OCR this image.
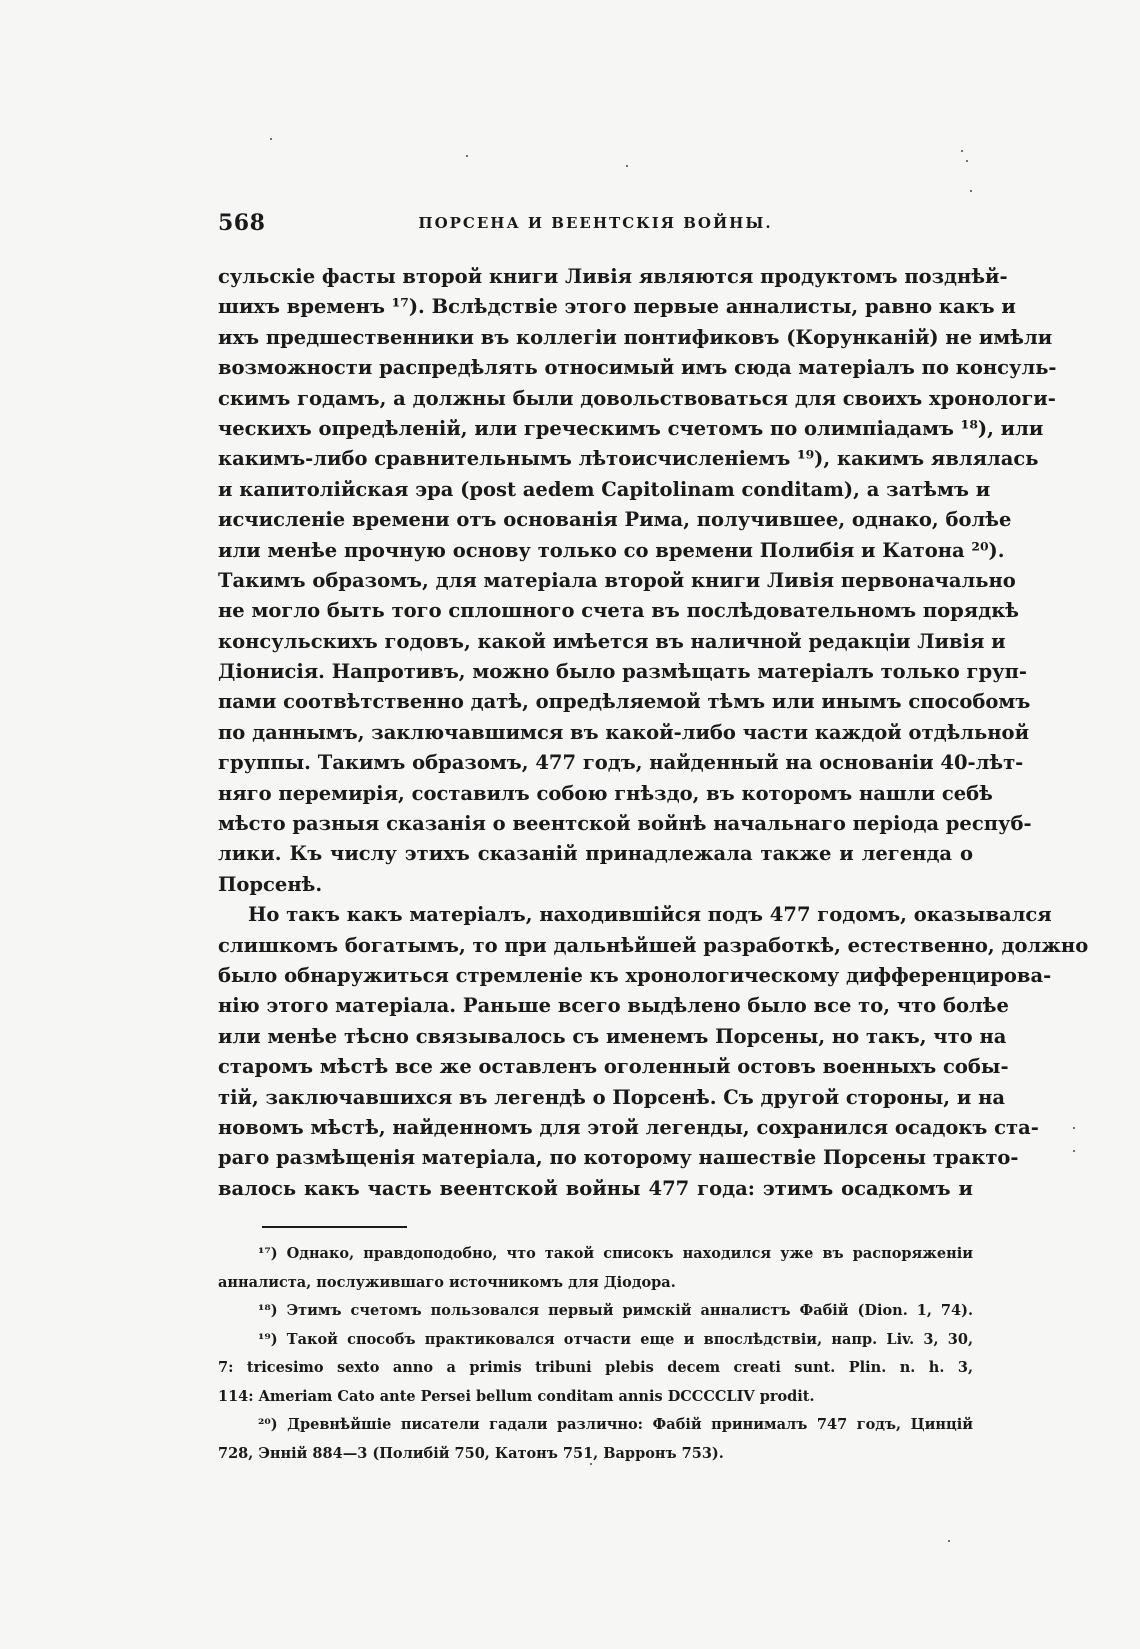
568	ПОРСЕНА И ВЕЕНТСКІЯ ВОЙНЫ.
сульскіе фасты второй книги Ливія являются продуктомъ позднѣй-
шихъ временъ ¹⁷). Вслѣдствіе этого первые анналисты, равно какъ и
ихъ предшественники въ коллегіи понтификовъ (Корунканій) не имѣли
возможности распредѣлять относимый имъ сюда матеріалъ по консуль-
скимъ годамъ, а должны были довольствоваться для своихъ хронологи-
ческихъ опредѣленій, или греческимъ счетомъ по олимпіадамъ ¹⁸), или
какимъ-либо сравнительнымъ лѣтоисчисленіемъ ¹⁹), какимъ являлась
и капитолійская эра (post aedem Capitolinam conditam), а затѣмъ и
исчисленіе времени отъ основанія Рима, получившее, однако, болѣе
или менѣе прочную основу только со времени Полибія и Катона ²⁰).
Такимъ образомъ, для матеріала второй книги Ливія первоначально
не могло быть того сплошного счета въ послѣдовательномъ порядкѣ
консульскихъ годовъ, какой имѣется въ наличной редакціи Ливія и
Діонисія. Напротивъ, можно было размѣщать матеріалъ только груп-
пами соотвѣтственно датѣ, опредѣляемой тѣмъ или инымъ способомъ
по даннымъ, заключавшимся въ какой-либо части каждой отдѣльной
группы. Такимъ образомъ, 477 годъ, найденный на основаніи 40-лѣт-
няго перемирія, составилъ собою гнѣздо, въ которомъ нашли себѣ
мѣсто разныя сказанія о веентской войнѣ начальнаго періода респуб-
лики. Къ числу этихъ сказаній принадлежала также и легенда о
Порсенѣ.
Но такъ какъ матеріалъ, находившійся подъ 477 годомъ, оказывался
слишкомъ богатымъ, то при дальнѣйшей разработкѣ, естественно, должно
было обнаружиться стремленіе къ хронологическому дифференцирова-
нію этого матеріала. Раньше всего выдѣлено было все то, что болѣе
или менѣе тѣсно связывалось съ именемъ Порсены, но такъ, что на
старомъ мѣстѣ все же оставленъ оголенный остовъ военныхъ собы-
тій, заключавшихся въ легендѣ о Порсенѣ. Съ другой стороны, и на
новомъ мѣстѣ, найденномъ для этой легенды, сохранился осадокъ ста-
раго размѣщенія матеріала, по которому нашествіе Порсены тракто-
валось какъ часть веентской войны 477 года: этимъ осадкомъ и
¹⁷) Однако, правдоподобно, что такой списокъ находился уже въ распоряженіи
анналиста, послужившаго источникомъ для Діодора.
¹⁸) Этимъ счетомъ пользовался первый римскій анналистъ Фабій (Dion. 1, 74).
¹⁹) Такой способъ практиковался отчасти еще и впослѣдствіи, напр. Liv. 3, 30,
7: tricesimo sexto anno a primis tribuni plebis decem creati sunt. Plin. n. h. 3,
114: Ameriam Cato ante Persei bellum conditam annis DCCCCLIV prodit.
²⁰) Древнѣйшіе писатели гадали различно: Фабій принималъ 747 годъ, Цинцій
728, Энній 884—3 (Полибій 750, Катонъ 751, Варронъ 753).
